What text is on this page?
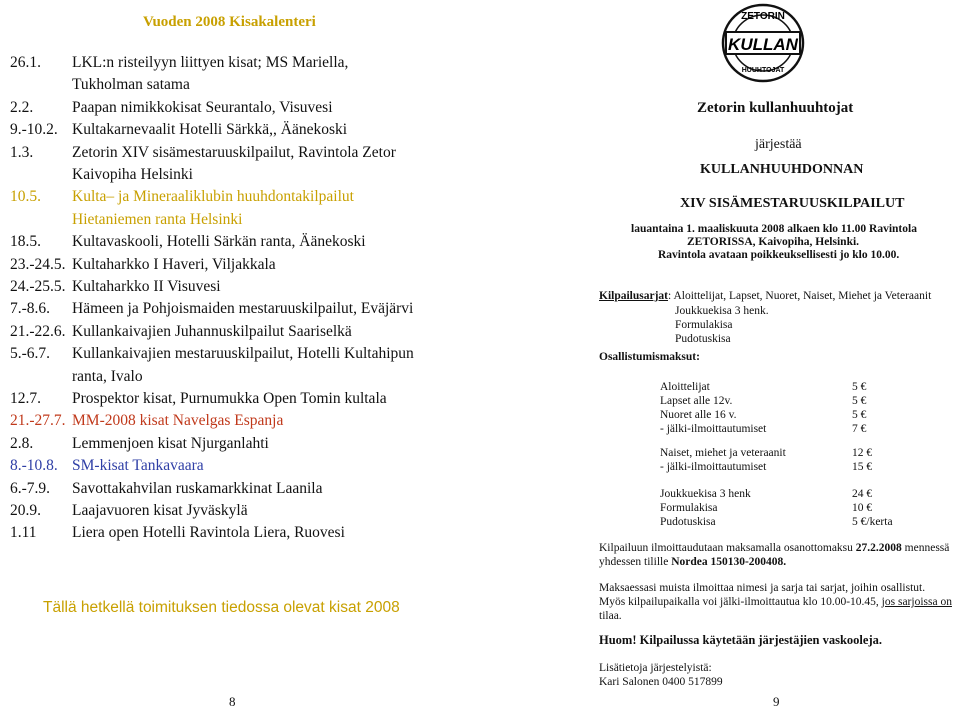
Vuoden 2008 Kisakalenteri
26.1.	LKL:n risteilyyn liittyen kisat; MS Mariella,
Tukholman satama
2.2.	Paapan nimikkokisat Seurantalo, Visuvesi
9.-10.2. Kultakarnevaalit Hotelli Särkkä,, Äänekoski
1.3.	Zetorin XIV sisämestaruuskilpailut, Ravintola Zetor
Kaivopiha Helsinki
10.5.	Kulta– ja Mineraaliklubin huuhdontakilpailut
Hietaniemen ranta Helsinki
18.5.	Kultavaskooli, Hotelli Särkän ranta, Äänekoski
23.-24.5. Kultaharkko I Haveri, Viljakkala
24.-25.5. Kultaharkko II Visuvesi
7.-8.6.	Hämeen ja Pohjoismaiden mestaruuskilpailut, Eväjärvi
21.-22.6. Kullankaivajien Juhannuskilpailut Saariselkä
5.-6.7.	Kullankaivajien mestaruuskilpailut, Hotelli Kultahipun
ranta, Ivalo
12.7.	Prospektor kisat, Purnumukka Open Tomin kultala
21.-27.7. MM-2008 kisat Navelgas Espanja
2.8.	Lemmenjoen kisat Njurganlahti
8.-10.8. SM-kisat Tankavaara
6.-7.9.	Savottakahvilan ruskamarkkinat Laanila
20.9.	Laajavuoren kisat Jyväskylä
1.11	Liera open Hotelli Ravintola Liera, Ruovesi
Tällä hetkellä toimituksen tiedossa olevat kisat 2008
8
ZETORIN
KULLAN
HUUHTOJAT
Zetorin kullanhuuhtojat
järjestää
KULLANHUUHDONNAN
XIV SISÄMESTARUUSKILPAILUT
lauantaina 1. maaliskuuta 2008 alkaen klo 11.00 Ravintola
ZETORISSA, Kaivopiha, Helsinki.
Ravintola avataan poikkeuksellisesti jo klo 10.00.
Kilpailusarjat: Aloittelijat, Lapset, Nuoret, Naiset, Miehet ja Veteraanit
Joukkuekisa 3 henk.
Formulakisa
Pudotuskisa
Osallistumismaksut:
Aloittelijat	5 €
Lapset alle 12v.	5 €
Nuoret alle 16 v.	5 €
- jälki-ilmoittautumiset	7 €
Naiset, miehet ja veteraanit	12 €
- jälki-ilmoittautumiset	15 €
Joukkuekisa 3 henk	24 €
Formulakisa	10 €
Pudotuskisa	5 €/kerta
Kilpailuun ilmoittaudutaan maksamalla osanottomaksu 27.2.2008 mennessä
yhdessen tilille Nordea 150130-200408.
Maksaessasi muista ilmoittaa nimesi ja sarja tai sarjat, joihin osallistut.
Myös kilpailupaikalla voi jälki-ilmoittautua klo 10.00-10.45, jos sarjoissa on
tilaa.
Huom! Kilpailussa käytetään järjestäjien vaskooleja.
Lisätietoja järjestelyistä:
Kari Salonen 0400 517899
9
